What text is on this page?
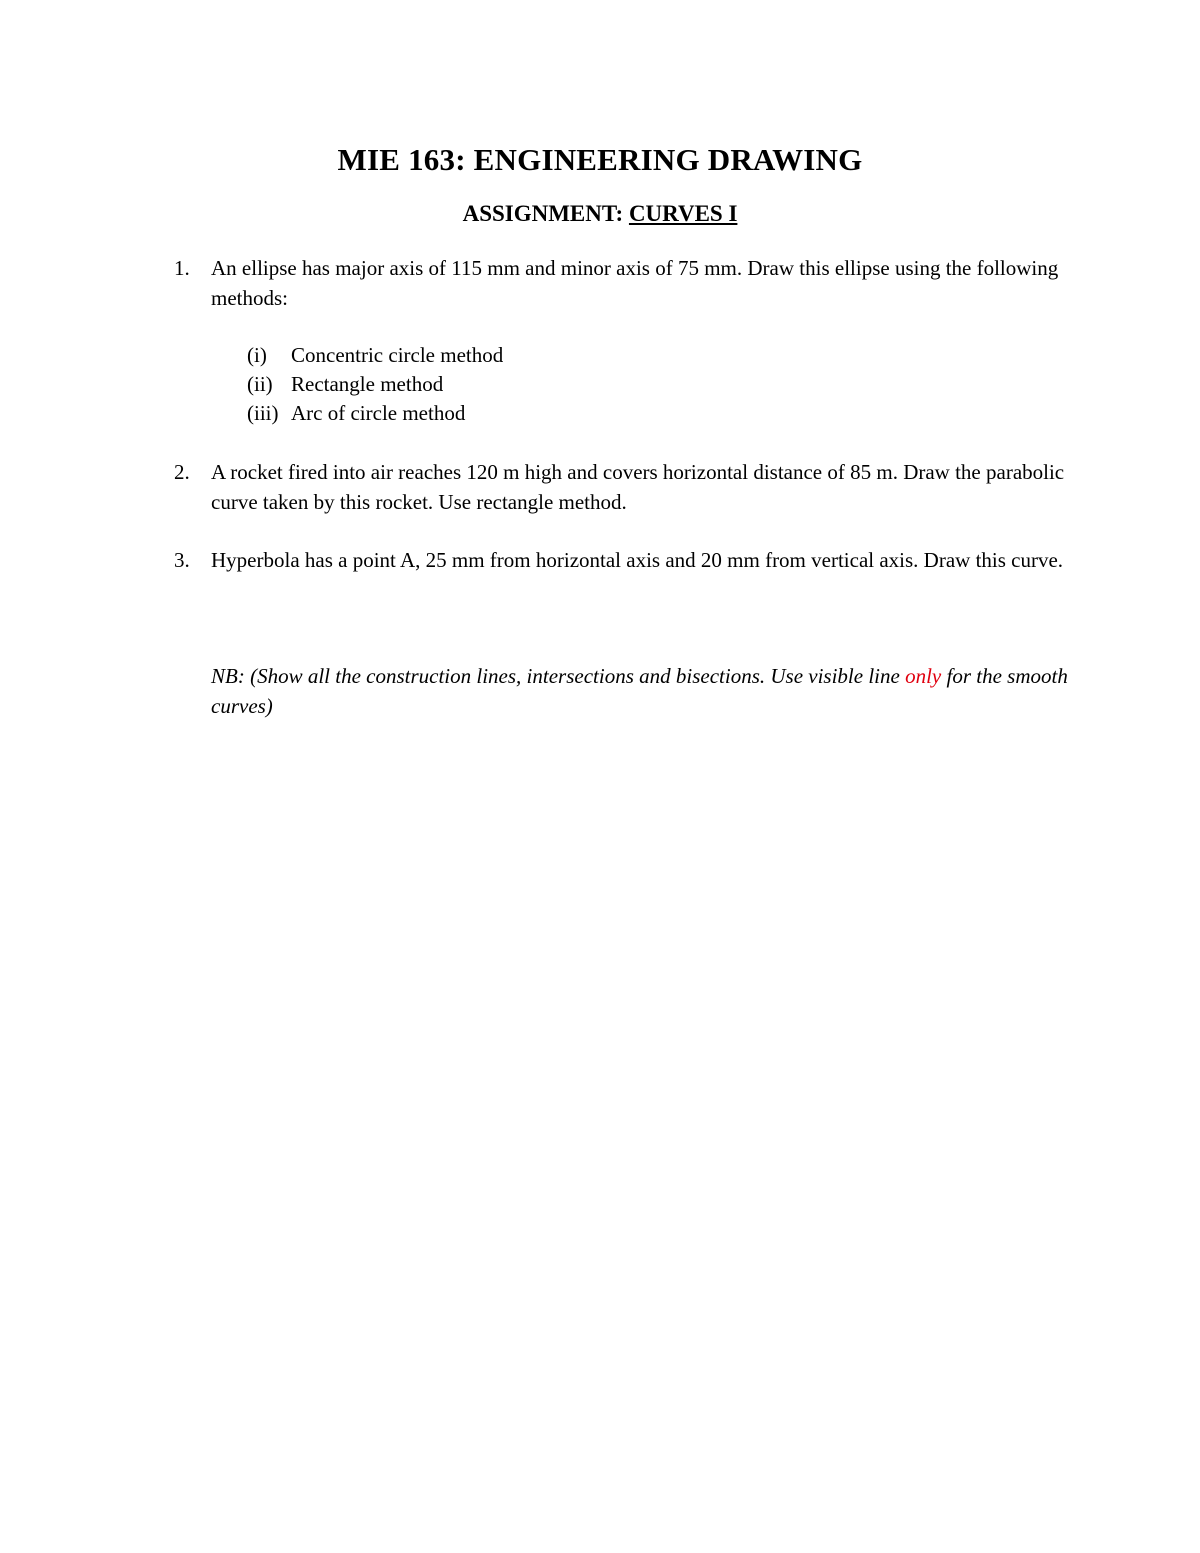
MIE 163: ENGINEERING DRAWING
ASSIGNMENT: CURVES I
1. An ellipse has major axis of 115 mm and minor axis of 75 mm. Draw this ellipse using the following methods:
(i) Concentric circle method
(ii) Rectangle method
(iii) Arc of circle method
2. A rocket fired into air reaches 120 m high and covers horizontal distance of 85 m. Draw the parabolic curve taken by this rocket. Use rectangle method.
3. Hyperbola has a point A, 25 mm from horizontal axis and 20 mm from vertical axis. Draw this curve.
NB: (Show all the construction lines, intersections and bisections. Use visible line only for the smooth curves)
